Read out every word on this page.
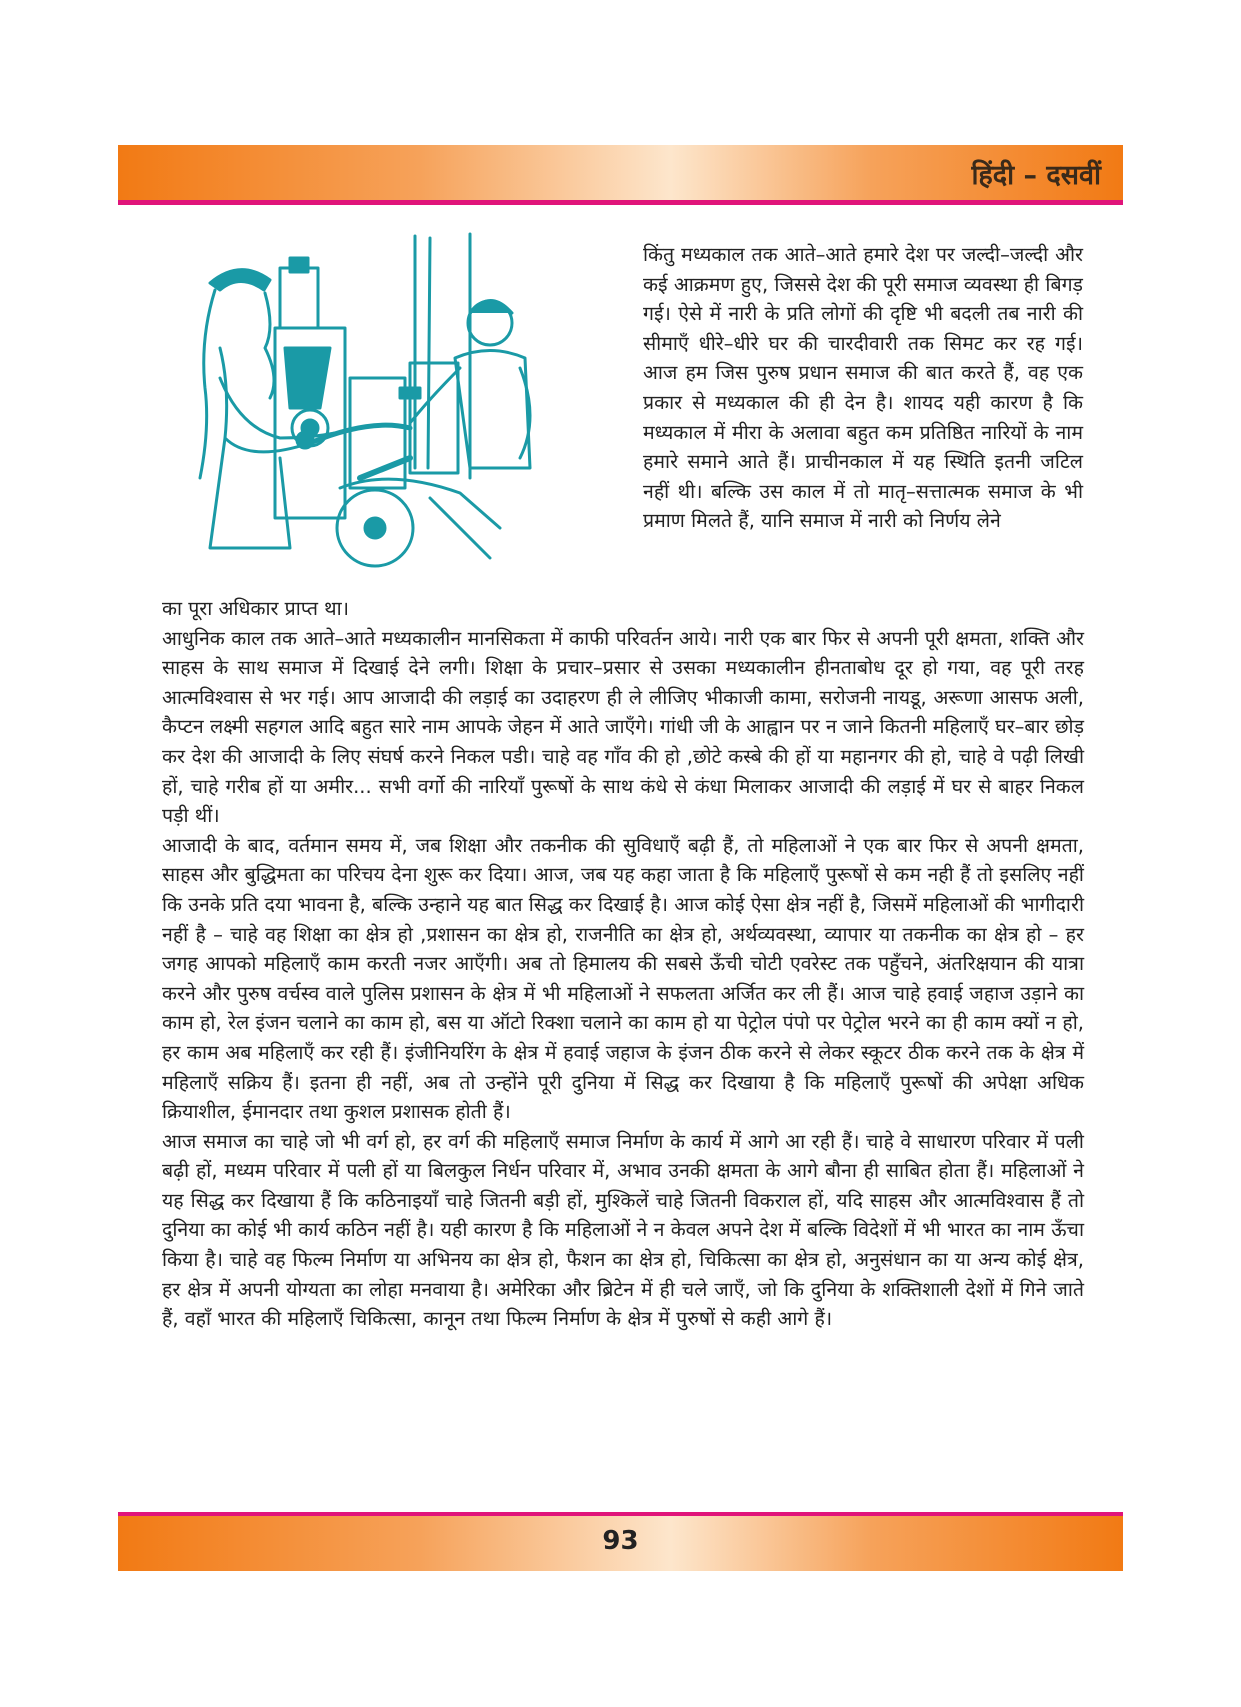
हिंदी – दसवीं
किंतु मध्यकाल तक आते–आते हमारे देश पर जल्दी–जल्दी और कई आक्रमण हुए, जिससे देश की पूरी समाज व्यवस्था ही बिगड़ गई। ऐसे में नारी के प्रति लोगों की दृष्टि भी बदली तब नारी की सीमाएँ धीरे–धीरे घर की चारदीवारी तक सिमट कर रह गई। आज हम जिस पुरुष प्रधान समाज की बात करते हैं, वह एक प्रकार से मध्यकाल की ही देन है। शायद यही कारण है कि मध्यकाल में मीरा के अलावा बहुत कम प्रतिष्ठित नारियों के नाम हमारे समाने आते हैं। प्राचीनकाल में यह स्थिति इतनी जटिल नहीं थी। बल्कि उस काल में तो मातृ–सत्तात्मक समाज के भी प्रमाण मिलते हैं, यानि समाज में नारी को निर्णय लेने

का पूरा अधिकार प्राप्त था।

आधुनिक काल तक आते–आते मध्यकालीन मानसिकता में काफी परिवर्तन आये। नारी एक बार फिर से अपनी पूरी क्षमता, शक्ति और साहस के साथ समाज में दिखाई देने लगी। शिक्षा के प्रचार–प्रसार से उसका मध्यकालीन हीनताबोध दूर हो गया, वह पूरी तरह आत्मविश्वास से भर गई। आप आजादी की लड़ाई का उदाहरण ही ले लीजिए भीकाजी कामा, सरोजनी नायडू, अरूणा आसफ अली, कैप्टन लक्ष्मी सहगल आदि बहुत सारे नाम आपके जेहन में आते जाएँगे। गांधी जी के आह्वान पर न जाने कितनी महिलाएँ घर–बार छोड़ कर देश की आजादी के लिए संघर्ष करने निकल पडी। चाहे वह गाँव की हो ,छोटे कस्बे की हों या महानगर की हो, चाहे वे पढ़ी लिखी हों, चाहे गरीब हों या अमीर... सभी वर्गो की नारियाँ पुरूषों के साथ कंधे से कंधा मिलाकर आजादी की लड़ाई में घर से बाहर निकल पड़ी थीं।

आजादी के बाद, वर्तमान समय में, जब शिक्षा और तकनीक की सुविधाएँ बढ़ी हैं, तो महिलाओं ने एक बार फिर से अपनी क्षमता, साहस और बुद्धिमता का परिचय देना शुरू कर दिया। आज, जब यह कहा जाता है कि महिलाएँ पुरूषों से कम नही हैं तो इसलिए नहीं कि उनके प्रति दया भावना है, बल्कि उन्हाने यह बात सिद्ध कर दिखाई है। आज कोई ऐसा क्षेत्र नहीं है, जिसमें महिलाओं की भागीदारी नहीं है – चाहे वह शिक्षा का क्षेत्र हो ,प्रशासन का क्षेत्र हो, राजनीति का क्षेत्र हो, अर्थव्यवस्था, व्यापार या तकनीक का क्षेत्र हो – हर जगह आपको महिलाएँ काम करती नजर आएँगी। अब तो हिमालय की सबसे ऊँची चोटी एवरेस्ट तक पहुँचने, अंतरिक्षयान की यात्रा करने और पुरुष वर्चस्व वाले पुलिस प्रशासन के क्षेत्र में भी महिलाओं ने सफलता अर्जित कर ली हैं। आज चाहे हवाई जहाज उड़ाने का काम हो, रेल इंजन चलाने का काम हो, बस या ऑटो रिक्शा चलाने का काम हो या पेट्रोल पंपो पर पेट्रोल भरने का ही काम क्यों न हो, हर काम अब महिलाएँ कर रही हैं। इंजीनियरिंग के क्षेत्र में हवाई जहाज के इंजन ठीक करने से लेकर स्कूटर ठीक करने तक के क्षेत्र में महिलाएँ सक्रिय हैं। इतना ही नहीं, अब तो उन्होंने पूरी दुनिया में सिद्ध कर दिखाया है कि महिलाएँ पुरूषों की अपेक्षा अधिक क्रियाशील, ईमानदार तथा कुशल प्रशासक होती हैं।

आज समाज का चाहे जो भी वर्ग हो, हर वर्ग की महिलाएँ समाज निर्माण के कार्य में आगे आ रही हैं। चाहे वे साधारण परिवार में पली बढ़ी हों, मध्यम परिवार में पली हों या बिलकुल निर्धन परिवार में, अभाव उनकी क्षमता के आगे बौना ही साबित होता हैं। महिलाओं ने यह सिद्ध कर दिखाया हैं कि कठिनाइयाँ चाहे जितनी बड़ी हों, मुश्किलें चाहे जितनी विकराल हों, यदि साहस और आत्मविश्वास हैं तो दुनिया का कोई भी कार्य कठिन नहीं है। यही कारण है कि महिलाओं ने न केवल अपने देश में बल्कि विदेशों में भी भारत का नाम ऊँचा किया है। चाहे वह फिल्म निर्माण या अभिनय का क्षेत्र हो, फैशन का क्षेत्र हो, चिकित्सा का क्षेत्र हो, अनुसंधान का या अन्य कोई क्षेत्र, हर क्षेत्र में अपनी योग्यता का लोहा मनवाया है। अमेरिका और ब्रिटेन में ही चले जाएँ, जो कि दुनिया के शक्तिशाली देशों में गिने जाते हैं, वहाँ भारत की महिलाएँ चिकित्सा, कानून तथा फिल्म निर्माण के क्षेत्र में पुरुषों से कही आगे हैं।

93
